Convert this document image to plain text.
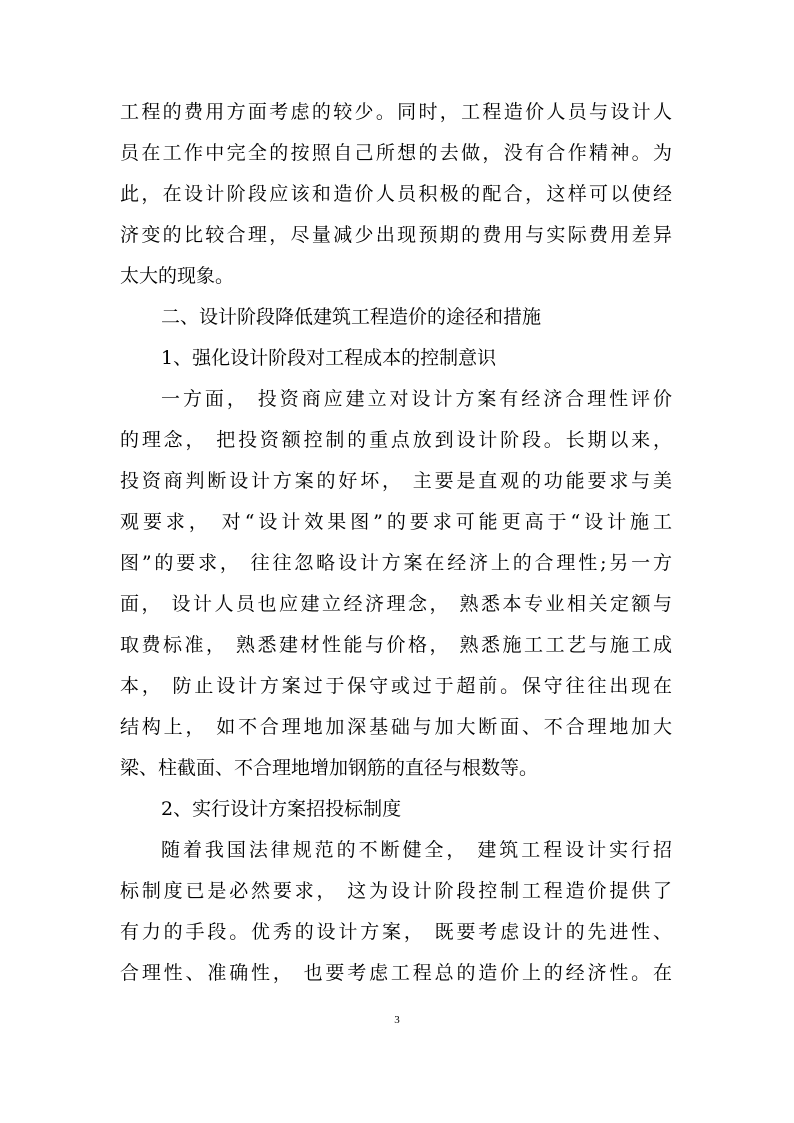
工程的费用方面考虑的较少。同时，工程造价人员与设计人
员在工作中完全的按照自己所想的去做，没有合作精神。为
此，在设计阶段应该和造价人员积极的配合，这样可以使经
济变的比较合理，尽量减少出现预期的费用与实际费用差异
太大的现象。
二、设计阶段降低建筑工程造价的途径和措施
1、强化设计阶段对工程成本的控制意识
一方面， 投资商应建立对设计方案有经济合理性评价
的理念， 把投资额控制的重点放到设计阶段。长期以来，
投资商判断设计方案的好坏， 主要是直观的功能要求与美
观要求， 对“设计效果图”的要求可能更高于“设计施工
图”的要求， 往往忽略设计方案在经济上的合理性;另一方
面， 设计人员也应建立经济理念， 熟悉本专业相关定额与
取费标准， 熟悉建材性能与价格， 熟悉施工工艺与施工成
本， 防止设计方案过于保守或过于超前。保守往往出现在
结构上， 如不合理地加深基础与加大断面、不合理地加大
梁、柱截面、不合理地增加钢筋的直径与根数等。
2、实行设计方案招投标制度
随着我国法律规范的不断健全， 建筑工程设计实行招
标制度已是必然要求， 这为设计阶段控制工程造价提供了
有力的手段。优秀的设计方案， 既要考虑设计的先进性、
合理性、准确性， 也要考虑工程总的造价上的经济性。在
3
